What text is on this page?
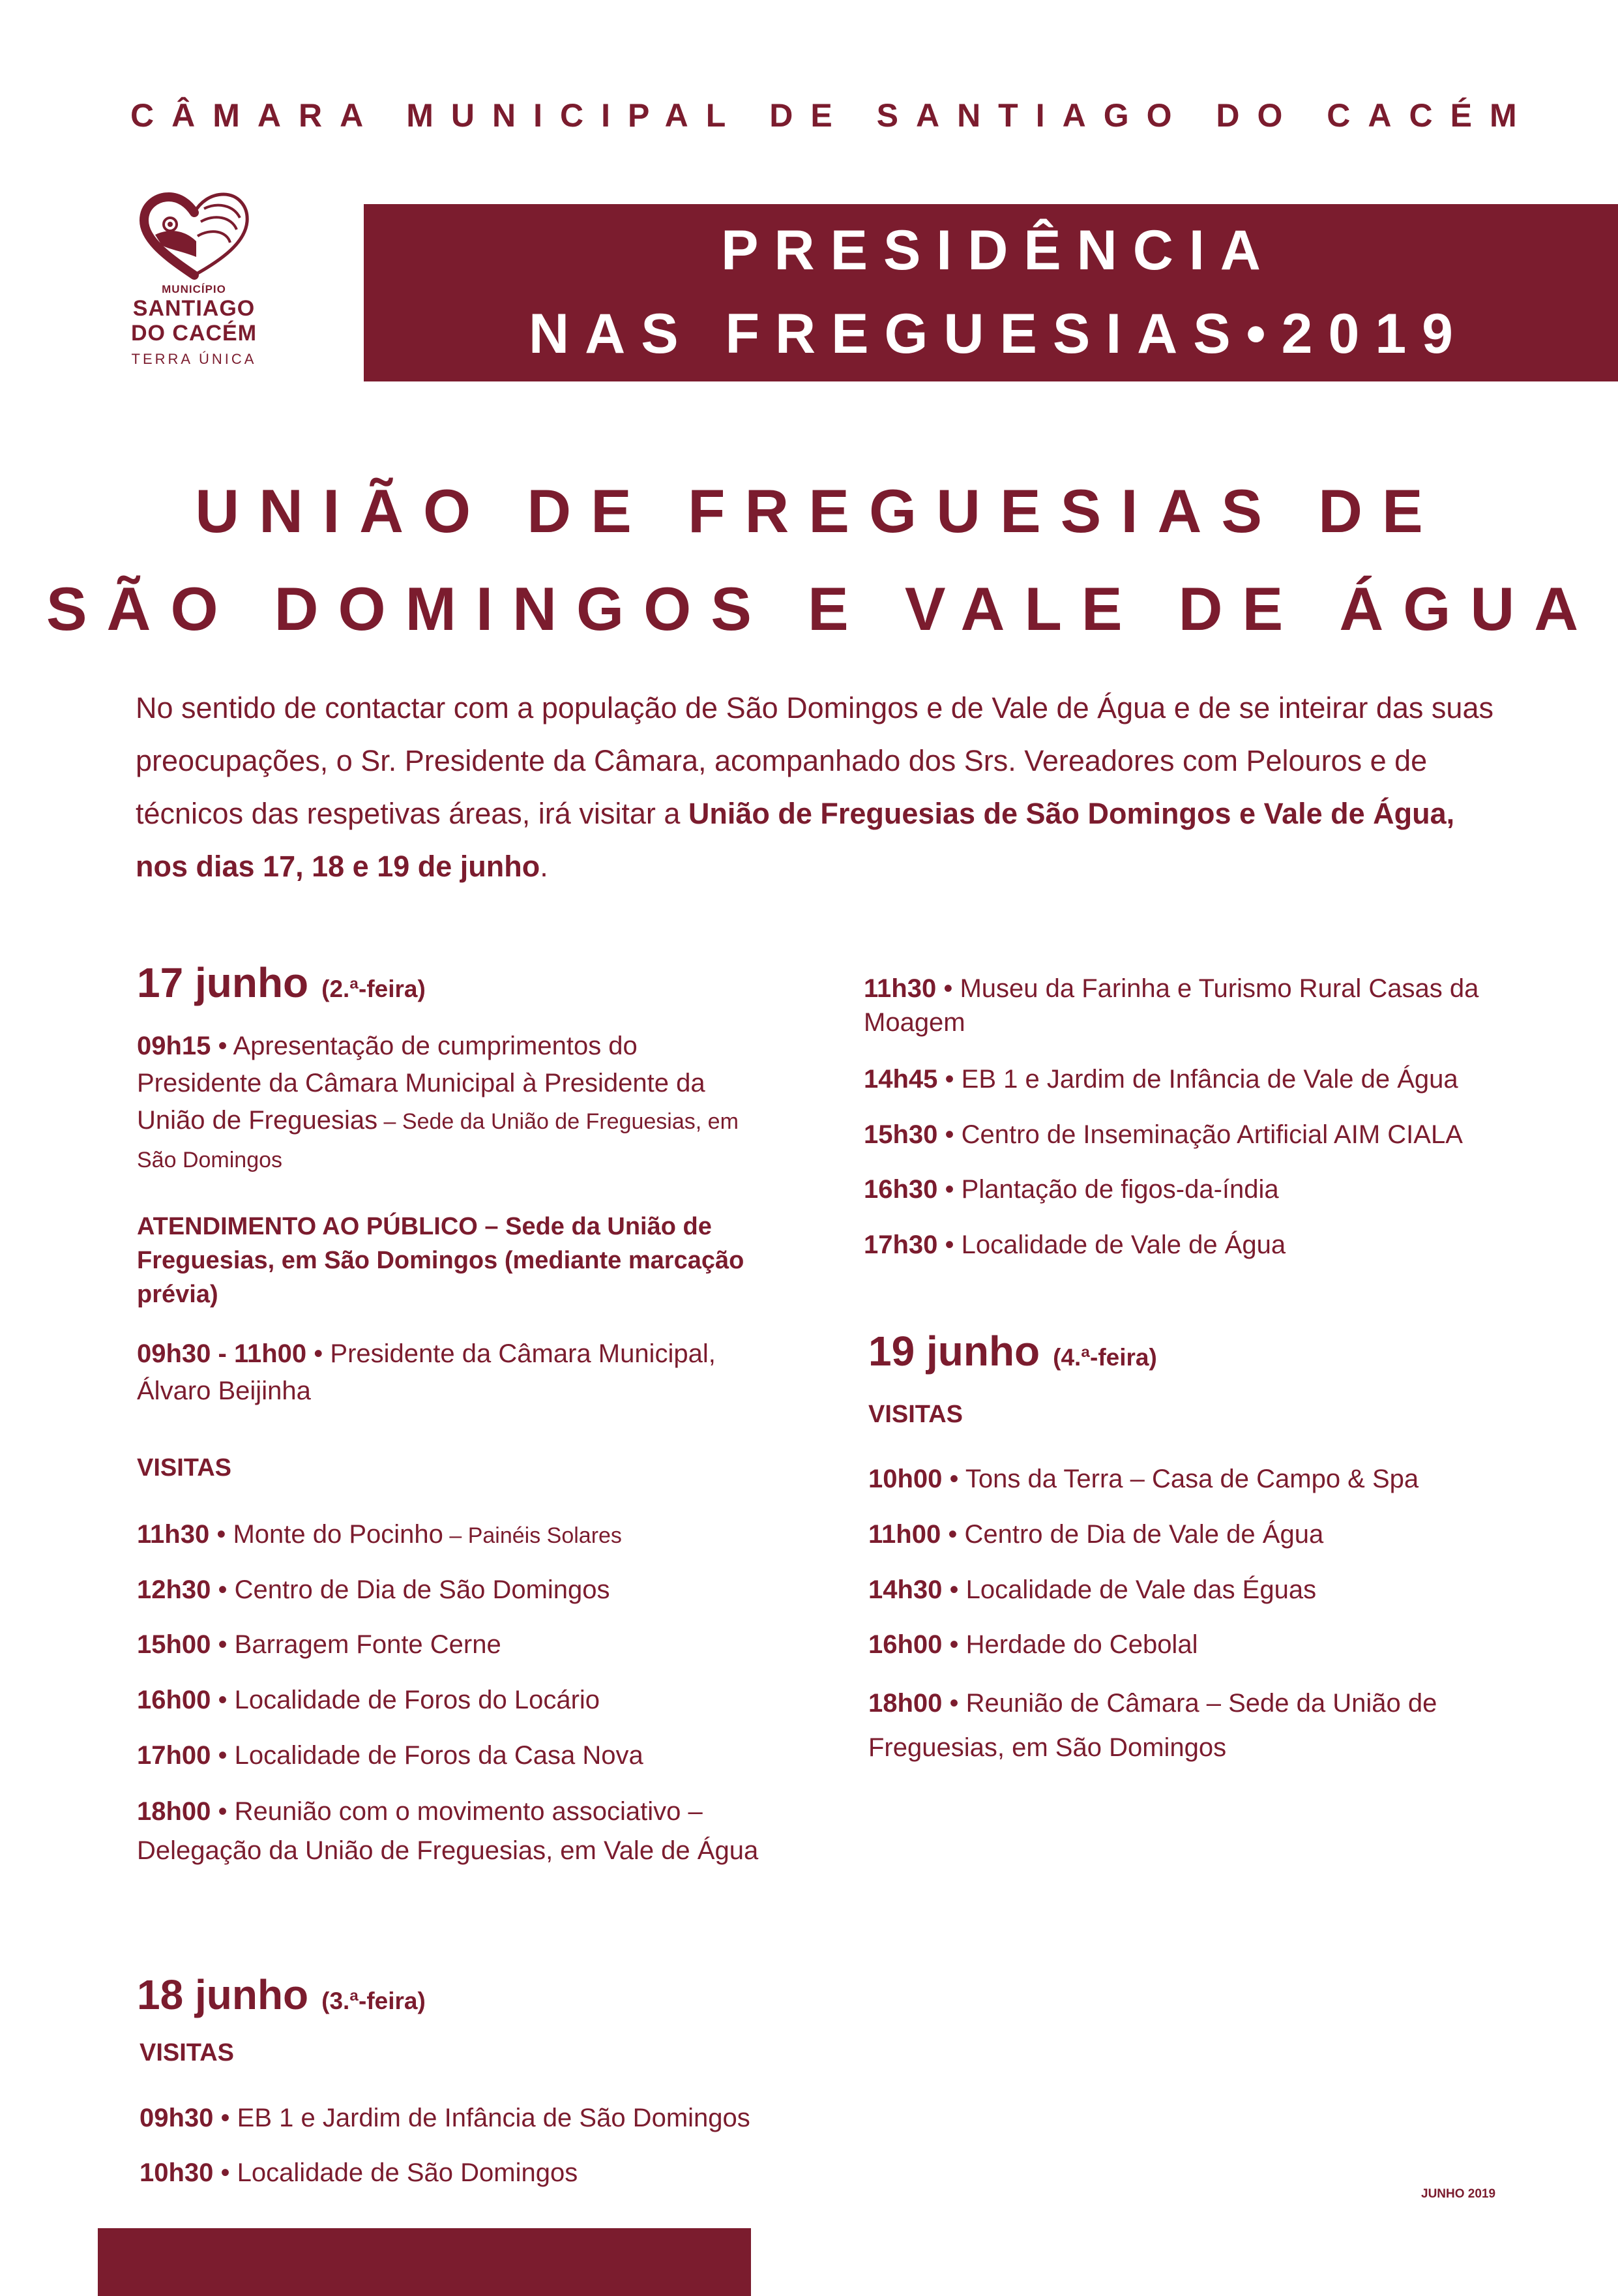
CÂMARA MUNICIPAL DE SANTIAGO DO CACÉM
MUNICÍPIO
SANTIAGO
DO CACÉM
TERRA ÚNICA
PRESIDÊNCIA
NAS FREGUESIAS•2019
UNIÃO DE FREGUESIAS DE
SÃO DOMINGOS E VALE DE ÁGUA
No sentido de contactar com a população de São Domingos e de Vale de Água e de se inteirar das suas preocupações, o Sr. Presidente da Câmara, acompanhado dos Srs. Vereadores com Pelouros e de técnicos das respetivas áreas, irá visitar a União de Freguesias de São Domingos e Vale de Água, nos dias 17, 18 e 19 de junho.
17 junho (2.ª-feira)
09h15 • Apresentação de cumprimentos do Presidente da Câmara Municipal à Presidente da União de Freguesias – Sede da União de Freguesias, em São Domingos
ATENDIMENTO AO PÚBLICO – Sede da União de Freguesias, em São Domingos (mediante marcação prévia)
09h30 - 11h00 • Presidente da Câmara Municipal, Álvaro Beijinha
VISITAS
11h30 • Monte do Pocinho – Painéis Solares
12h30 • Centro de Dia de São Domingos
15h00 • Barragem Fonte Cerne
16h00 • Localidade de Foros do Locário
17h00 • Localidade de Foros da Casa Nova
18h00 • Reunião com o movimento associativo – Delegação da União de Freguesias, em Vale de Água
18 junho (3.ª-feira)
VISITAS
09h30 • EB 1 e Jardim de Infância de São Domingos
10h30 • Localidade de São Domingos
11h30 • Museu da Farinha e Turismo Rural Casas da Moagem
14h45 • EB 1 e Jardim de Infância de Vale de Água
15h30 • Centro de Inseminação Artificial AIM CIALA
16h30 • Plantação de figos-da-índia
17h30 • Localidade de Vale de Água
19 junho (4.ª-feira)
VISITAS
10h00 • Tons da Terra – Casa de Campo & Spa
11h00 • Centro de Dia de Vale de Água
14h30 • Localidade de Vale das Éguas
16h00 • Herdade do Cebolal
18h00 • Reunião de Câmara – Sede da União de Freguesias, em São Domingos
JUNHO 2019
